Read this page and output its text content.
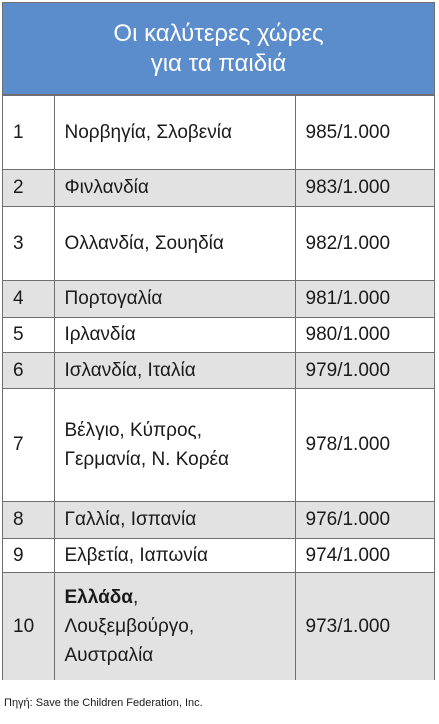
Οι καλύτερες χώρες
για τα παιδιά
1	Νορβηγία, Σλοβενία	985/1.000
2	Φινλανδία	983/1.000
3	Ολλανδία, Σουηδία	982/1.000
4	Πορτογαλία	981/1.000
5	Ιρλανδία	980/1.000
6	Ισλανδία, Ιταλία	979/1.000
7	Βέλγιο, Κύπρος,
Γερμανία, Ν. Κορέα	978/1.000
8	Γαλλία, Ισπανία	976/1.000
9	Ελβετία, Ιαπωνία	974/1.000
10	Ελλάδα,
Λουξεμβούργο,
Αυστραλία	973/1.000
Πηγή: Save the Children Federation, Inc.
